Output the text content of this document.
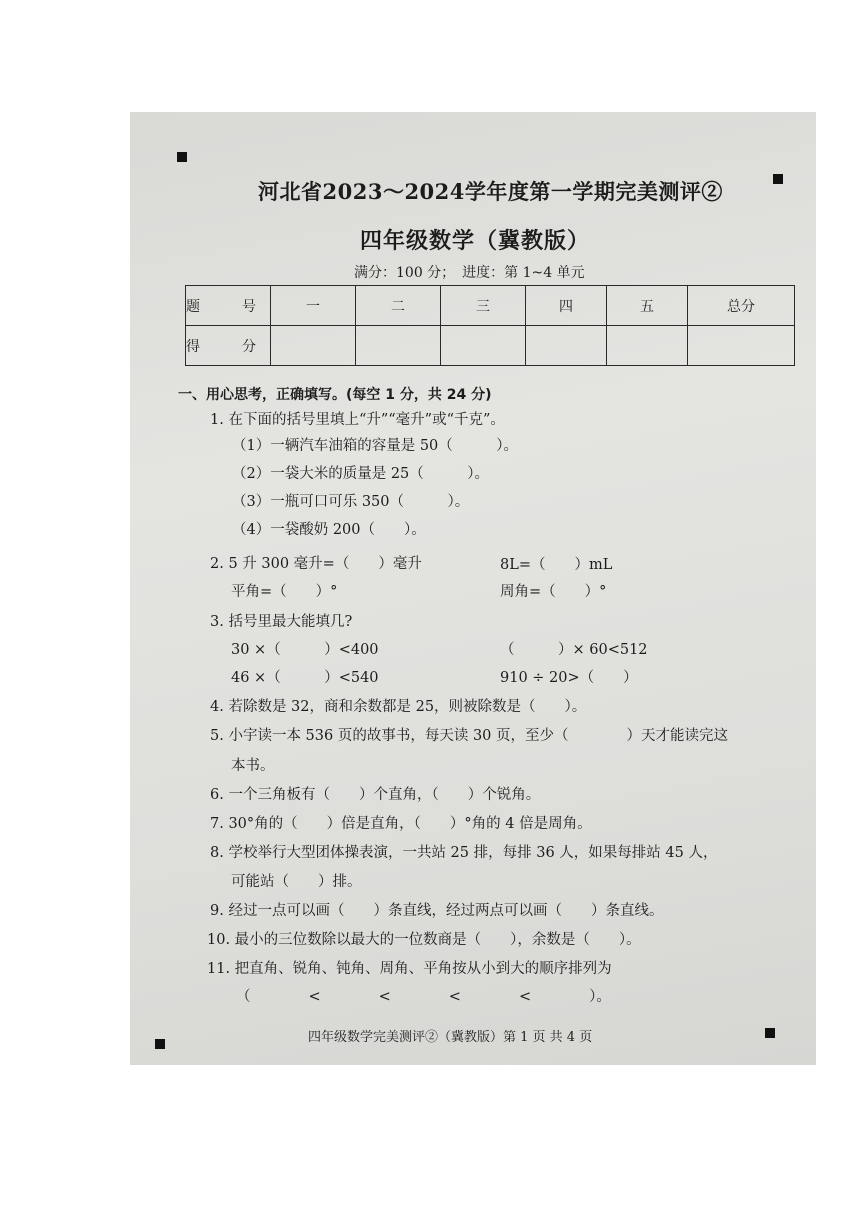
河北省2023～2024学年度第一学期完美测评②
四年级数学（冀教版）
满分：100 分；　进度：第 1~4 单元
题　号	一	二	三	四	五	总分
得　分						
一、用心思考，正确填写。(每空 1 分，共 24 分)
1. 在下面的括号里填上“升”“毫升”或“千克”。
（1）一辆汽车油箱的容量是 50（　　　）。
（2）一袋大米的质量是 25（　　　）。
（3）一瓶可口可乐 350（　　　）。
（4）一袋酸奶 200（　　）。
2. 5 升 300 毫升=（　　）毫升	8L=（　　）mL
平角=（　　）°	周角=（　　）°
3. 括号里最大能填几?
30 ×（　　　）<400	（　　　）× 60<512
46 ×（　　　）<540	910 ÷ 20>（　　）
4. 若除数是 32，商和余数都是 25，则被除数是（　　）。
5. 小宇读一本 536 页的故事书，每天读 30 页，至少（　　　　）天才能读完这
本书。
6. 一个三角板有（　　）个直角，（　　）个锐角。
7. 30°角的（　　）倍是直角，（　　）°角的 4 倍是周角。
8. 学校举行大型团体操表演，一共站 25 排，每排 36 人，如果每排站 45 人，
可能站（　　）排。
9. 经过一点可以画（　　）条直线，经过两点可以画（　　）条直线。
10. 最小的三位数除以最大的一位数商是（　　），余数是（　　）。
11. 把直角、锐角、钝角、周角、平角按从小到大的顺序排列为
（　　　　<　　　　<　　　　<　　　　<　　　　）。
四年级数学完美测评②（冀教版）第 1 页 共 4 页
